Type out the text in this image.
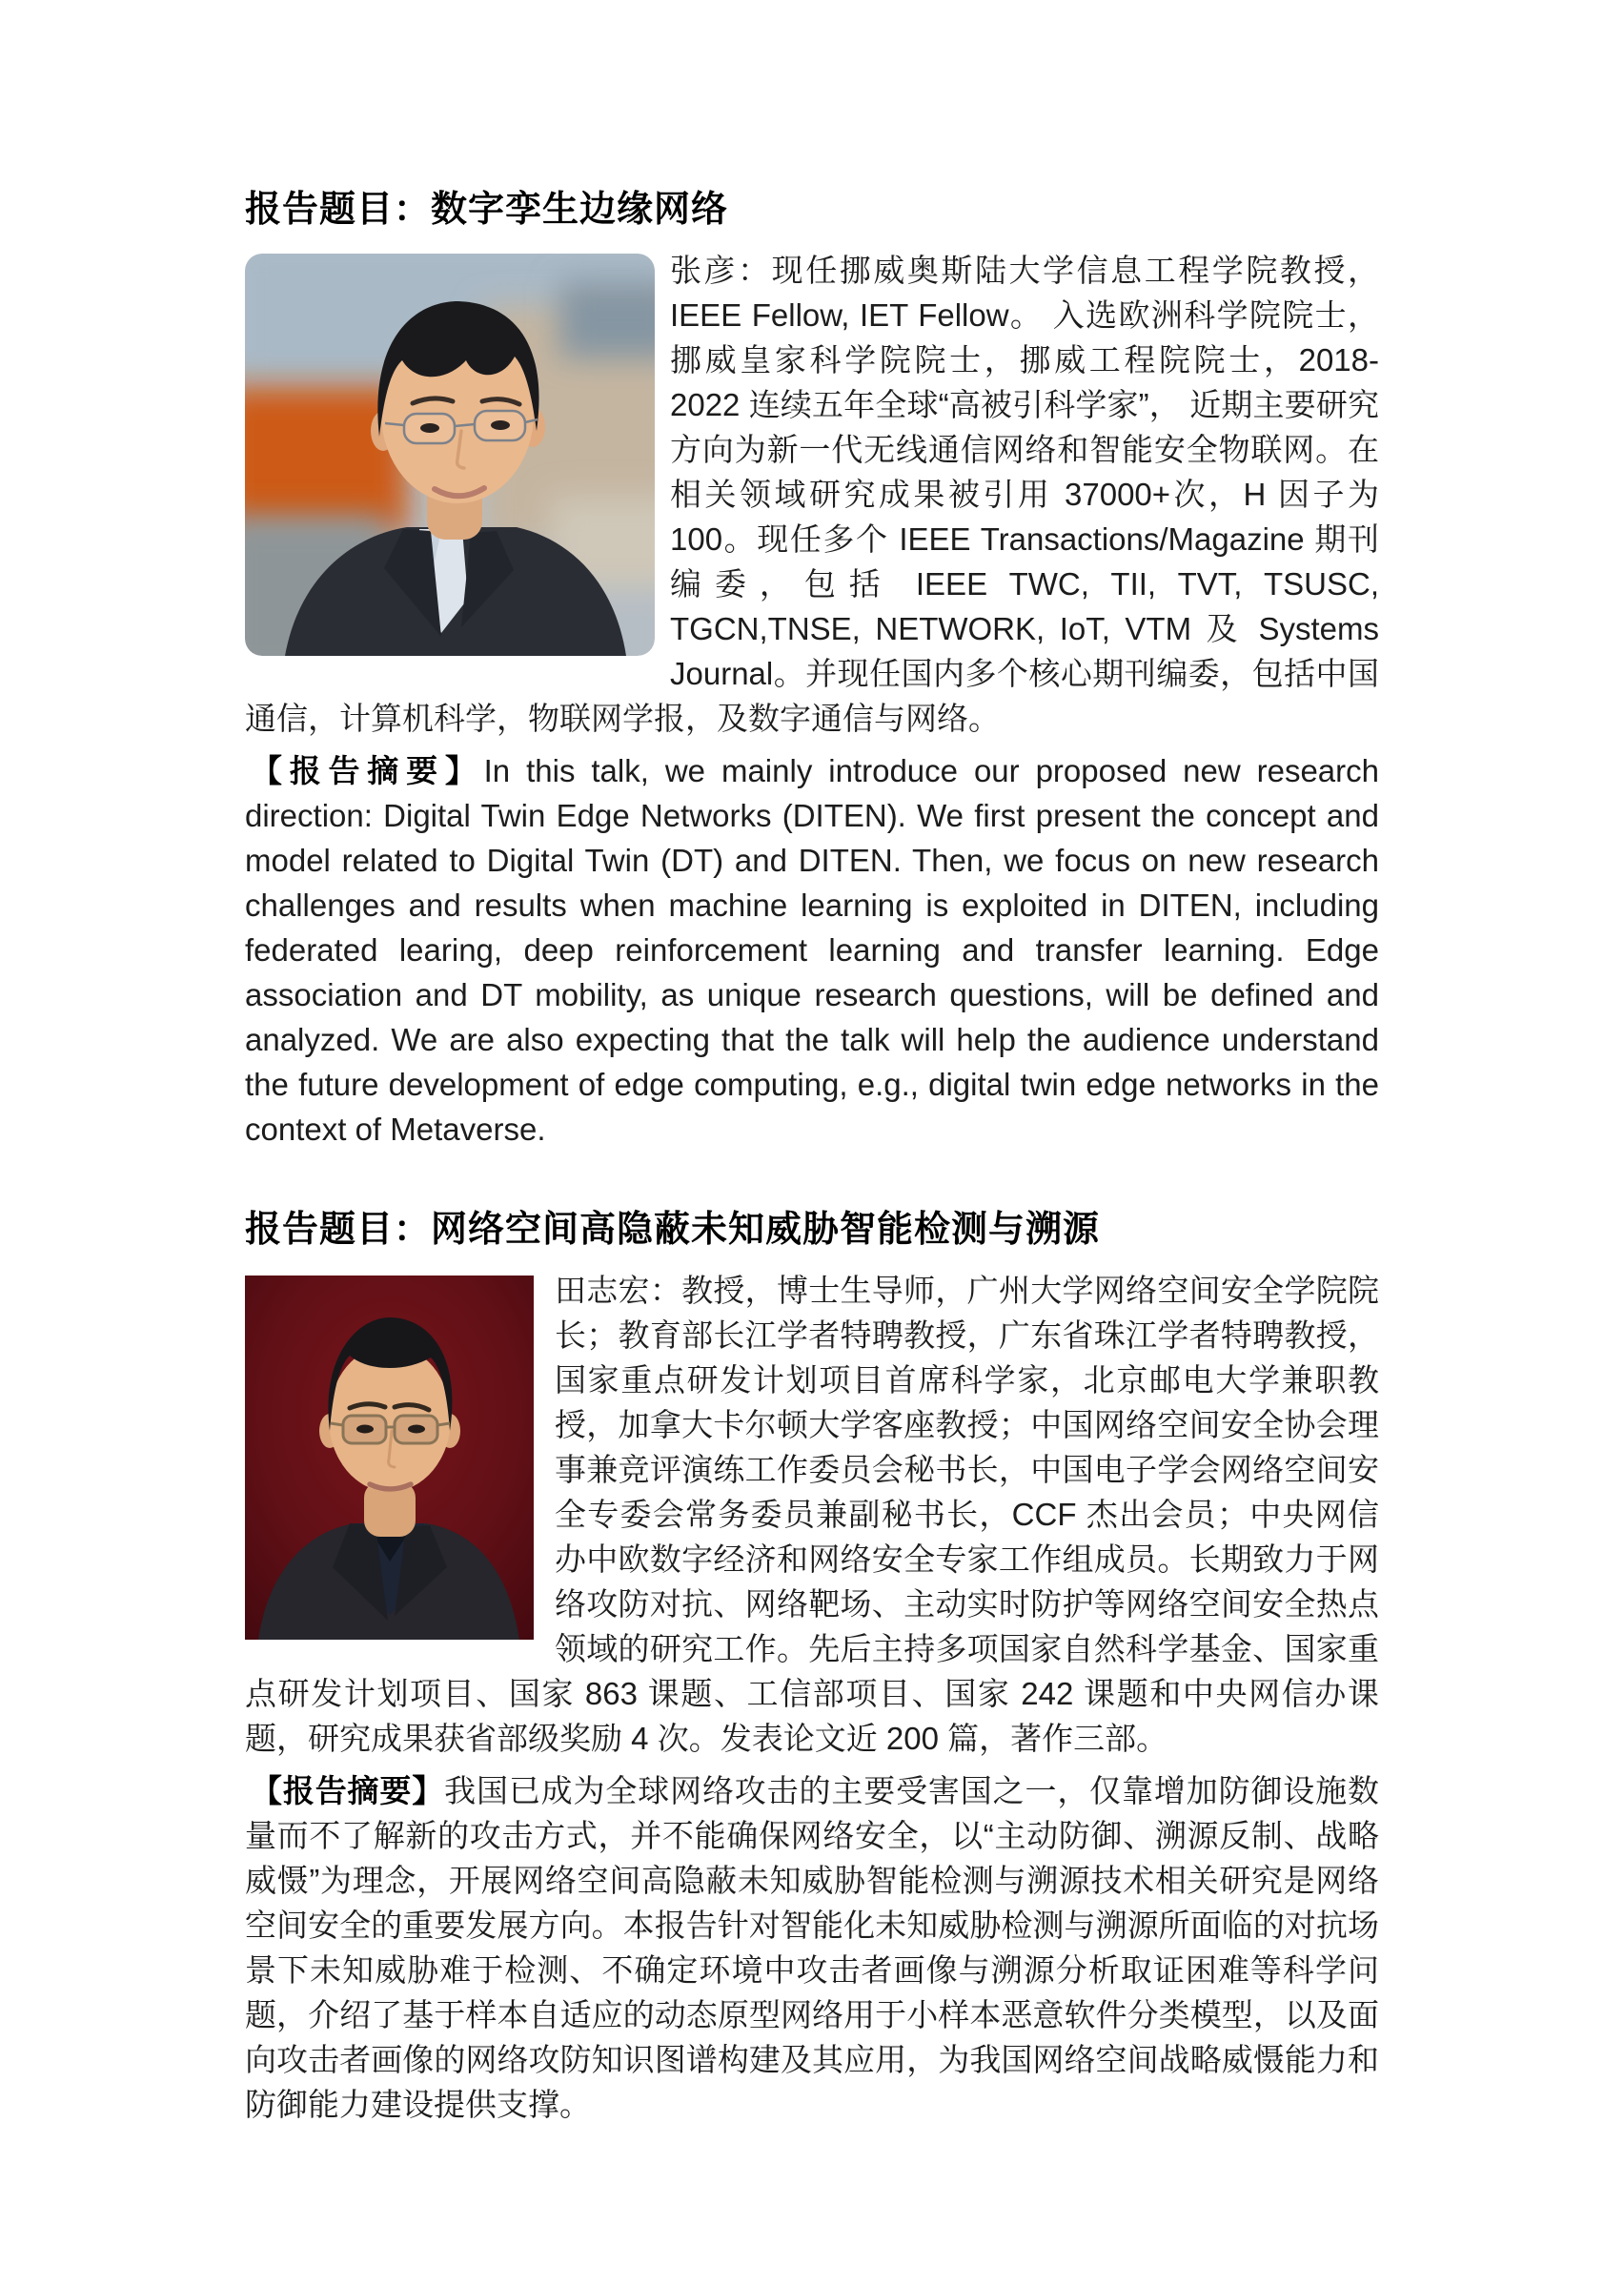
报告题目：数字孪生边缘网络

张彦：现任挪威奥斯陆大学信息工程学院教授，IEEE Fellow, IET Fellow。 入选欧洲科学院院士，挪威皇家科学院院士，挪威工程院院士，2018-2022 连续五年全球“高被引科学家”， 近期主要研究方向为新一代无线通信网络和智能安全物联网。在相关领域研究成果被引用 37000+次，H 因子为 100。现任多个 IEEE Transactions/Magazine 期刊编委，包括 IEEE TWC, TII, TVT, TSUSC, TGCN,TNSE, NETWORK, IoT, VTM 及 Systems Journal。并现任国内多个核心期刊编委，包括中国通信，计算机科学，物联网学报，及数字通信与网络。

【报告摘要】In this talk, we mainly introduce our proposed new research direction: Digital Twin Edge Networks (DITEN). We first present the concept and model related to Digital Twin (DT) and DITEN. Then, we focus on new research challenges and results when machine learning is exploited in DITEN, including federated learing, deep reinforcement learning and transfer learning. Edge association and DT mobility, as unique research questions, will be defined and analyzed. We are also expecting that the talk will help the audience understand the future development of edge computing, e.g., digital twin edge networks in the context of Metaverse.

报告题目：网络空间高隐蔽未知威胁智能检测与溯源

田志宏：教授，博士生导师，广州大学网络空间安全学院院长；教育部长江学者特聘教授，广东省珠江学者特聘教授，国家重点研发计划项目首席科学家，北京邮电大学兼职教授，加拿大卡尔顿大学客座教授；中国网络空间安全协会理事兼竞评演练工作委员会秘书长，中国电子学会网络空间安全专委会常务委员兼副秘书长，CCF 杰出会员；中央网信办中欧数字经济和网络安全专家工作组成员。长期致力于网络攻防对抗、网络靶场、主动实时防护等网络空间安全热点领域的研究工作。先后主持多项国家自然科学基金、国家重点研发计划项目、国家 863 课题、工信部项目、国家 242 课题和中央网信办课题，研究成果获省部级奖励 4 次。发表论文近 200 篇，著作三部。

【报告摘要】我国已成为全球网络攻击的主要受害国之一，仅靠增加防御设施数量而不了解新的攻击方式，并不能确保网络安全，以“主动防御、溯源反制、战略威慑”为理念，开展网络空间高隐蔽未知威胁智能检测与溯源技术相关研究是网络空间安全的重要发展方向。本报告针对智能化未知威胁检测与溯源所面临的对抗场景下未知威胁难于检测、不确定环境中攻击者画像与溯源分析取证困难等科学问题，介绍了基于样本自适应的动态原型网络用于小样本恶意软件分类模型，以及面向攻击者画像的网络攻防知识图谱构建及其应用，为我国网络空间战略威慑能力和防御能力建设提供支撑。
